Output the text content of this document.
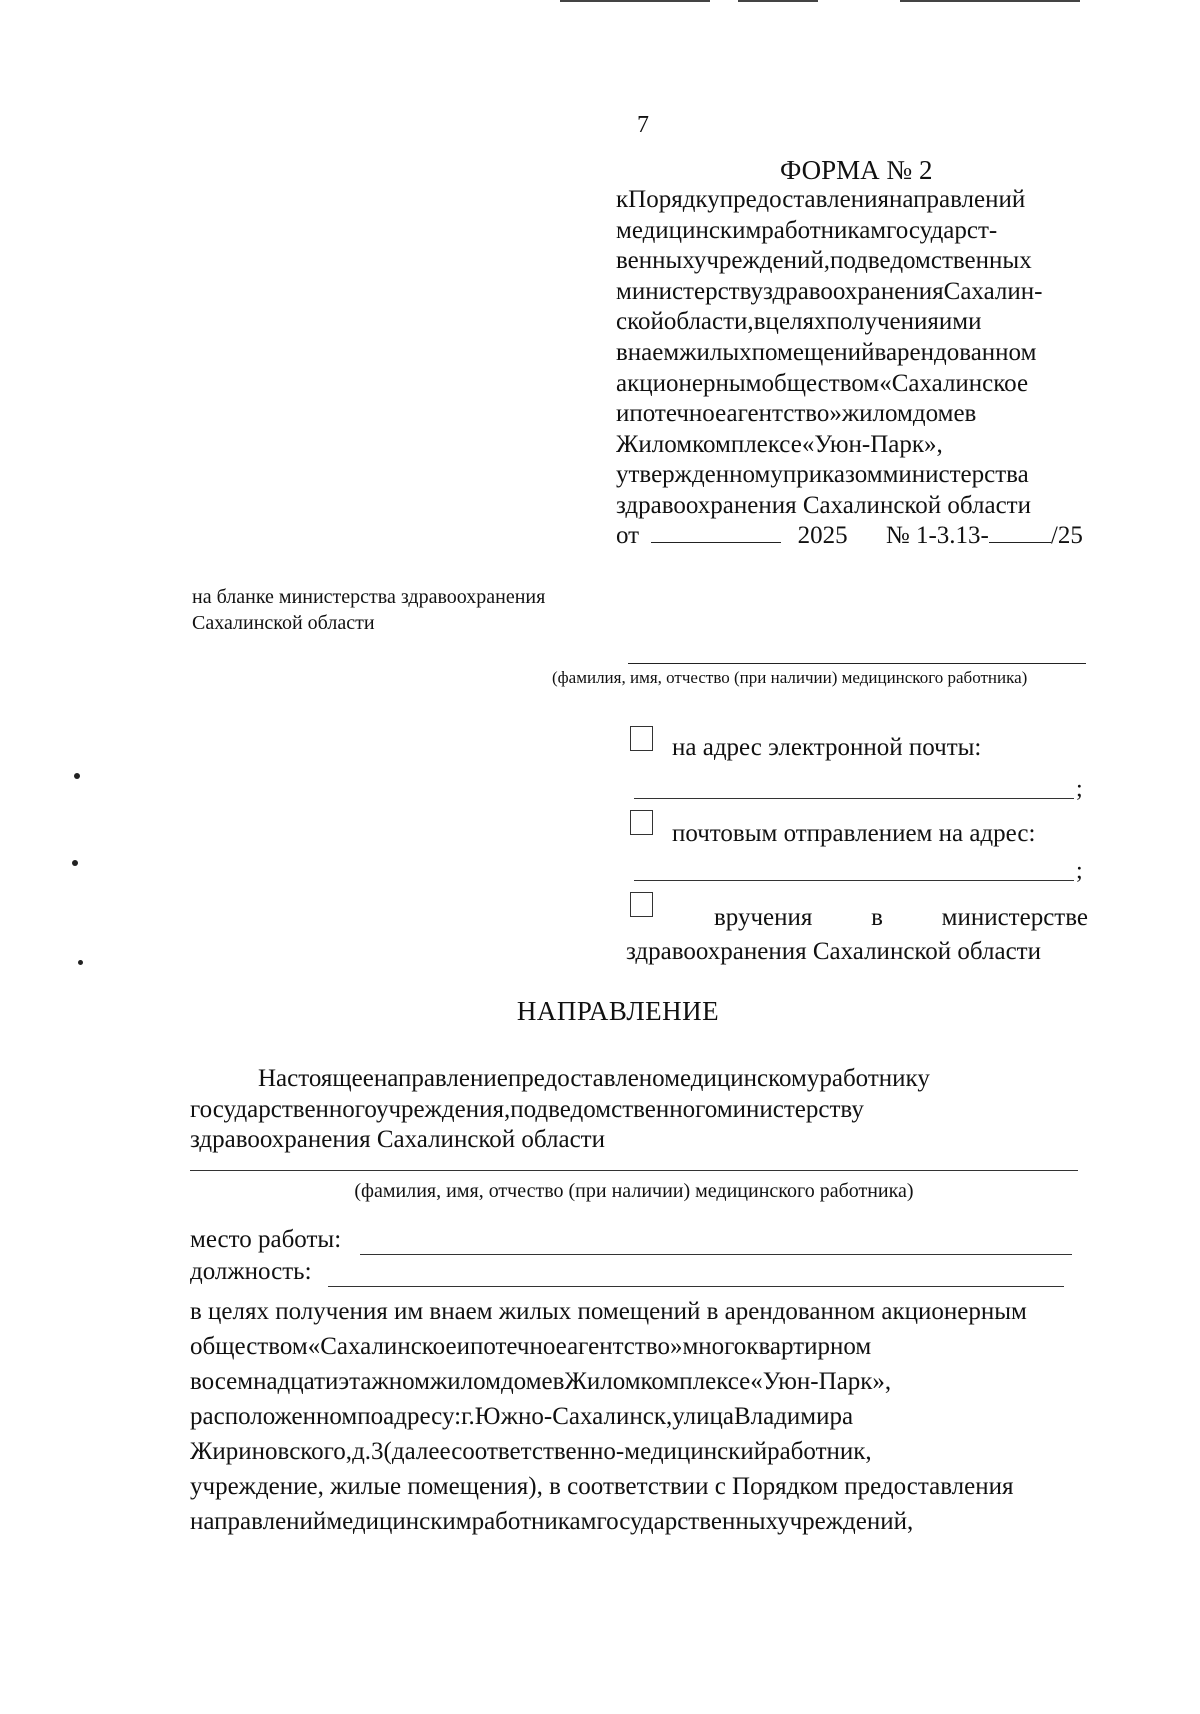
7
ФОРМА № 2
кПорядкупредоставлениянаправлений
медицинскимработникамгосударст-
венныхучреждений,подведомственных
министерствуздравоохраненияСахалин-
скойобласти,вцеляхполученияими
внаемжилыхпомещенийварендованном
акционернымобществом«Сахалинское
ипотечноеагентство»жиломдомев
Жиломкомплексе«Уюн-Парк»,
утвержденномуприказомминистерства
здравоохранения Сахалинской области
от	2025 № 1-3.13- /25
на бланке министерства здравоохранения
Сахалинской области
(фамилия, имя, отчество (при наличии) медицинского работника)
на адрес электронной почты:
;
почтовым отправлением на адрес:
;
вручения в министерстве
здравоохранения Сахалинской области
НАПРАВЛЕНИЕ
Настоящеенаправлениепредоставленомедицинскомуработнику
государственногоучреждения,подведомственногоминистерству
здравоохранения Сахалинской области
(фамилия, имя, отчество (при наличии) медицинского работника)
место работы:
должность:
в целях получения им внаем жилых помещений в арендованном акционерным
обществом«Сахалинскоеипотечноеагентство»многоквартирном
восемнадцатиэтажномжиломдомевЖиломкомплексе«Уюн-Парк»,
расположенномпоадресу:г.Южно-Сахалинск,улицаВладимира
Жириновского,д.3(далеесоответственно-медицинскийработник,
учреждение, жилые помещения), в соответствии с Порядком предоставления
направлениймедицинскимработникамгосударственныхучреждений,
